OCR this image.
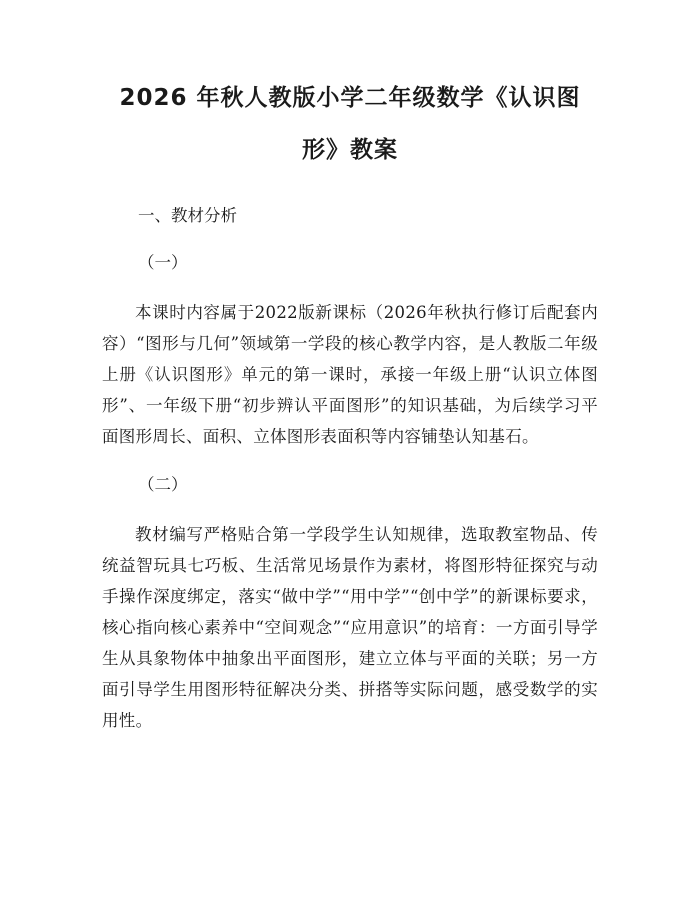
2026 年秋人教版小学二年级数学《认识图
形》教案

一、教材分析

（一）

本课时内容属于2022版新课标（2026年秋执行修订后配套内容）“图形与几何”领域第一学段的核心教学内容，是人教版二年级上册《认识图形》单元的第一课时，承接一年级上册“认识立体图形”、一年级下册“初步辨认平面图形”的知识基础，为后续学习平面图形周长、面积、立体图形表面积等内容铺垫认知基石。

（二）

教材编写严格贴合第一学段学生认知规律，选取教室物品、传统益智玩具七巧板、生活常见场景作为素材，将图形特征探究与动手操作深度绑定，落实“做中学”“用中学”“创中学”的新课标要求，核心指向核心素养中“空间观念”“应用意识”的培育：一方面引导学生从具象物体中抽象出平面图形，建立立体与平面的关联；另一方面引导学生用图形特征解决分类、拼搭等实际问题，感受数学的实用性。
